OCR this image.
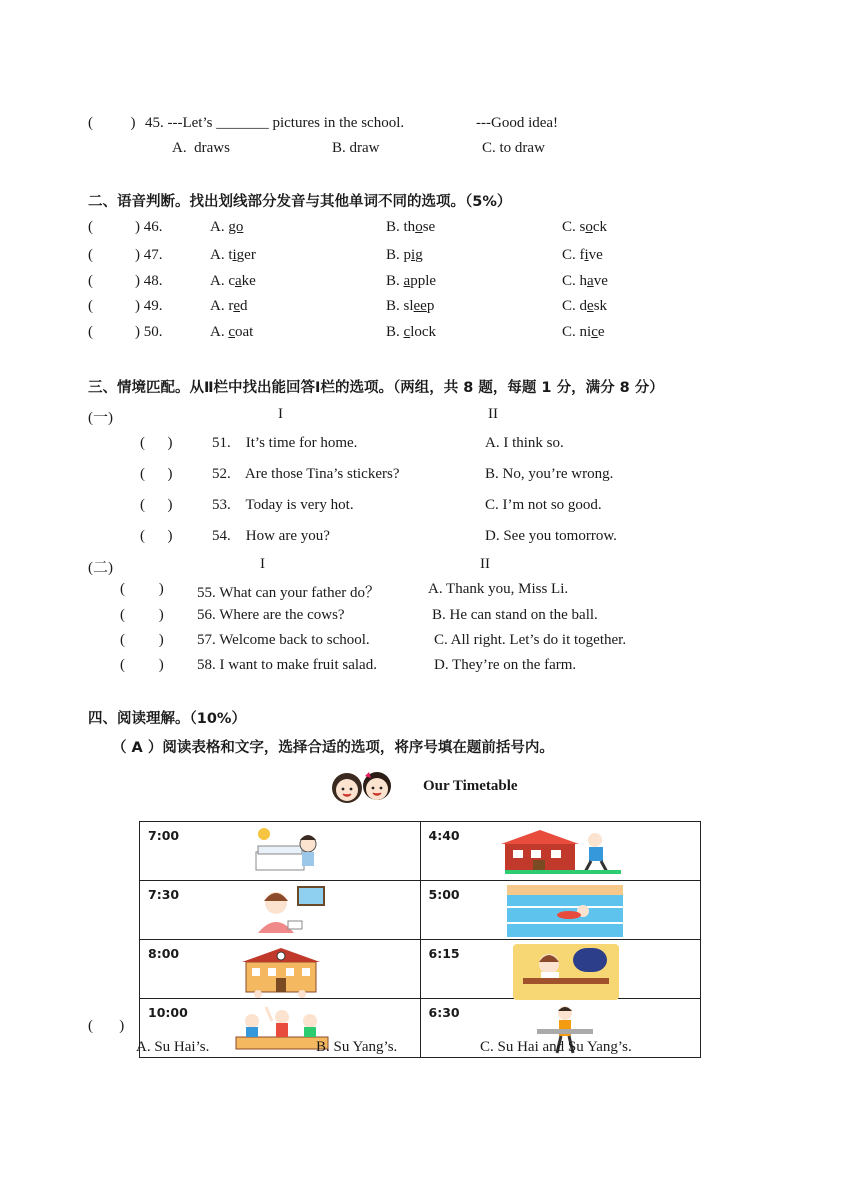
(          ) 45. ---Let’s _______ pictures in the school.	---Good idea!
A.  draws	B. draw	C. to draw
二、语音判断。找出划线部分发音与其他单词不同的选项。（5%）
(	) 46.	A. go	B. those	C. sock
(	) 47.	A. tiger	B. pig	C. five
(	) 48.	A. cake	B. apple	C. have
(	) 49.	A. red	B. sleep	C. desk
(	) 50.	A. coat	B. clock	C. nice
三、情境匹配。从Ⅱ栏中找出能回答Ⅰ栏的选项。（两组，共 8 题，每题 1 分，满分 8 分）
(一)	I	II
(      )	51.    It’s time for home.	A. I think so.
(      )	52.    Are those Tina’s stickers?	B. No, you’re wrong.
(      )	53.    Today is very hot.	C. I’m not so good.
(      )	54.    How are you?	D. See you tomorrow.
(二)	I	II
(         ) 55. What can your father do？	A. Thank you, Miss Li.
(         ) 56. Where are the cows?	B. He can stand on the ball.
(         ) 57. Welcome back to school.	C. All right. Let’s do it together.
(         ) 58. I want to make fruit salad.	D. They’re on the farm.
四、阅读理解。（10%）
（ A ）阅读表格和文字，选择合适的选项，将序号填在题前括号内。
Our Timetable
7:00	4:40

7:30	5:00

8:00	6:15

10:00	6:30
(       )
A. Su Hai’s.	B. Su Yang’s.	C. Su Hai and Su Yang’s.
